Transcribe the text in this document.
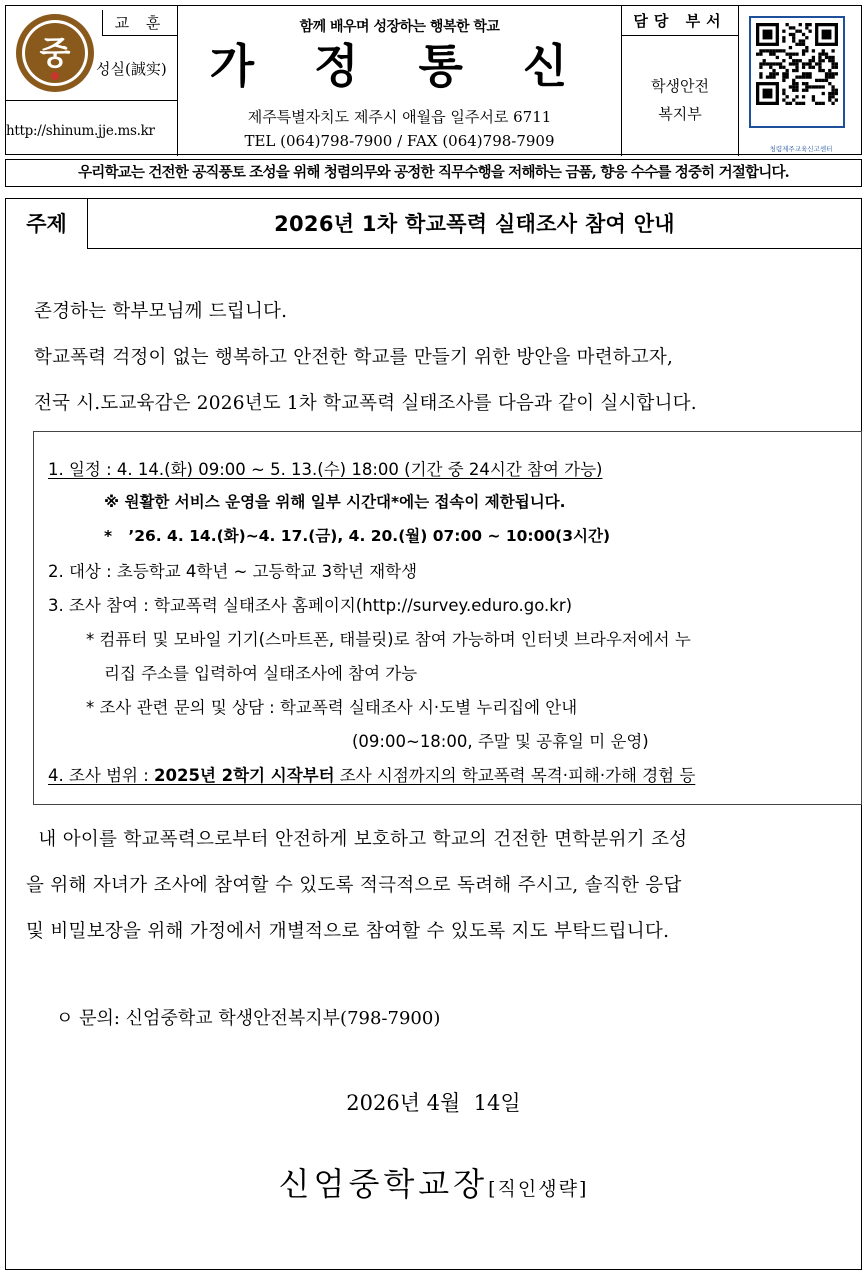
중
교 훈
성실(誠实)
http://shinum.jje.ms.kr
함께 배우며 성장하는 행복한 학교
가 정 통 신
제주특별자치도 제주시 애월읍 일주서로 6711
TEL (064)798-7900 / FAX (064)798-7909
담당 부서
학생안전
복지부
청렴제주교육신고센터
우리학교는 건전한 공직풍토 조성을 위해 청렴의무와 공정한 직무수행을 저해하는 금품, 향응 수수를 정중히 거절합니다.
주제	2026년 1차 학교폭력 실태조사 참여 안내
존경하는 학부모님께 드립니다.
학교폭력 걱정이 없는 행복하고 안전한 학교를 만들기 위한 방안을 마련하고자,
전국 시.도교육감은 2026년도 1차 학교폭력 실태조사를 다음과 같이 실시합니다.
1. 일정 : 4. 14.(화) 09:00 ~ 5. 13.(수) 18:00 (기간 중 24시간 참여 가능)
※ 원활한 서비스 운영을 위해 일부 시간대*에는 접속이 제한됩니다.
* ’26. 4. 14.(화)~4. 17.(금), 4. 20.(월) 07:00 ~ 10:00(3시간)
2. 대상 : 초등학교 4학년 ~ 고등학교 3학년 재학생
3. 조사 참여 : 학교폭력 실태조사 홈페이지(http://survey.eduro.go.kr)
* 컴퓨터 및 모바일 기기(스마트폰, 태블릿)로 참여 가능하며 인터넷 브라우저에서 누
리집 주소를 입력하여 실태조사에 참여 가능
* 조사 관련 문의 및 상담 : 학교폭력 실태조사 시·도별 누리집에 안내
(09:00~18:00, 주말 및 공휴일 미 운영)
4. 조사 범위 : 2025년 2학기 시작부터 조사 시점까지의 학교폭력 목격·피해·가해 경험 등
내 아이를 학교폭력으로부터 안전하게 보호하고 학교의 건전한 면학분위기 조성
을 위해 자녀가 조사에 참여할 수 있도록 적극적으로 독려해 주시고, 솔직한 응답
및 비밀보장을 위해 가정에서 개별적으로 참여할 수 있도록 지도 부탁드립니다.
ㅇ 문의: 신엄중학교 학생안전복지부(798-7900)
2026년 4월  14일
신엄중학교장[직인생략]
